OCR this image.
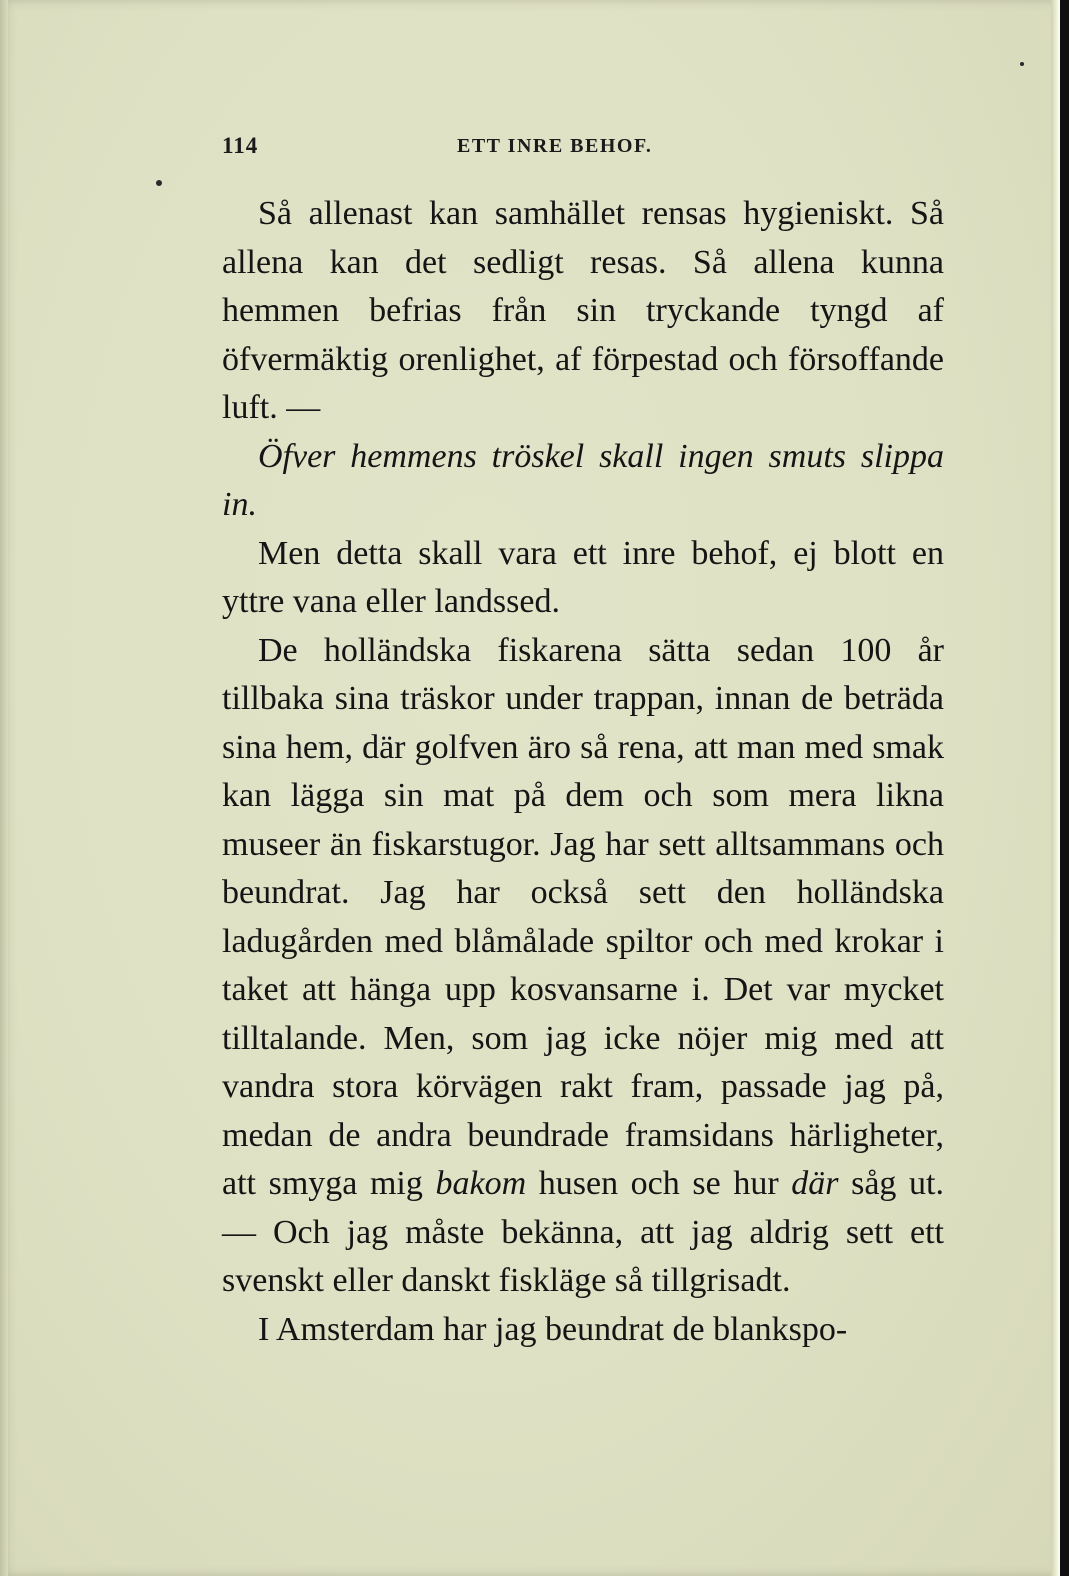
114	ETT INRE BEHOF.

Så allenast kan samhället rensas hygieniskt. Så allena kan det sedligt resas. Så allena kunna hemmen befrias från sin tryckande tyngd af öfvermäktig orenlighet, af förpestad och försoffande luft. —

Öfver hemmens tröskel skall ingen smuts slippa in.

Men detta skall vara ett inre behof, ej blott en yttre vana eller landssed.

De holländska fiskarena sätta sedan 100 år tillbaka sina träskor under trappan, innan de beträda sina hem, där golfven äro så rena, att man med smak kan lägga sin mat på dem och som mera likna museer än fiskarstugor. Jag har sett alltsammans och beundrat. Jag har också sett den holländska ladugården med blåmålade spiltor och med krokar i taket att hänga upp kosvansarne i. Det var mycket tilltalande. Men, som jag icke nöjer mig med att vandra stora körvägen rakt fram, passade jag på, medan de andra beundrade framsidans härligheter, att smyga mig bakom husen och se hur där såg ut. — Och jag måste bekänna, att jag aldrig sett ett svenskt eller danskt fiskläge så tillgrisadt.

I Amsterdam har jag beundrat de blankspo-
